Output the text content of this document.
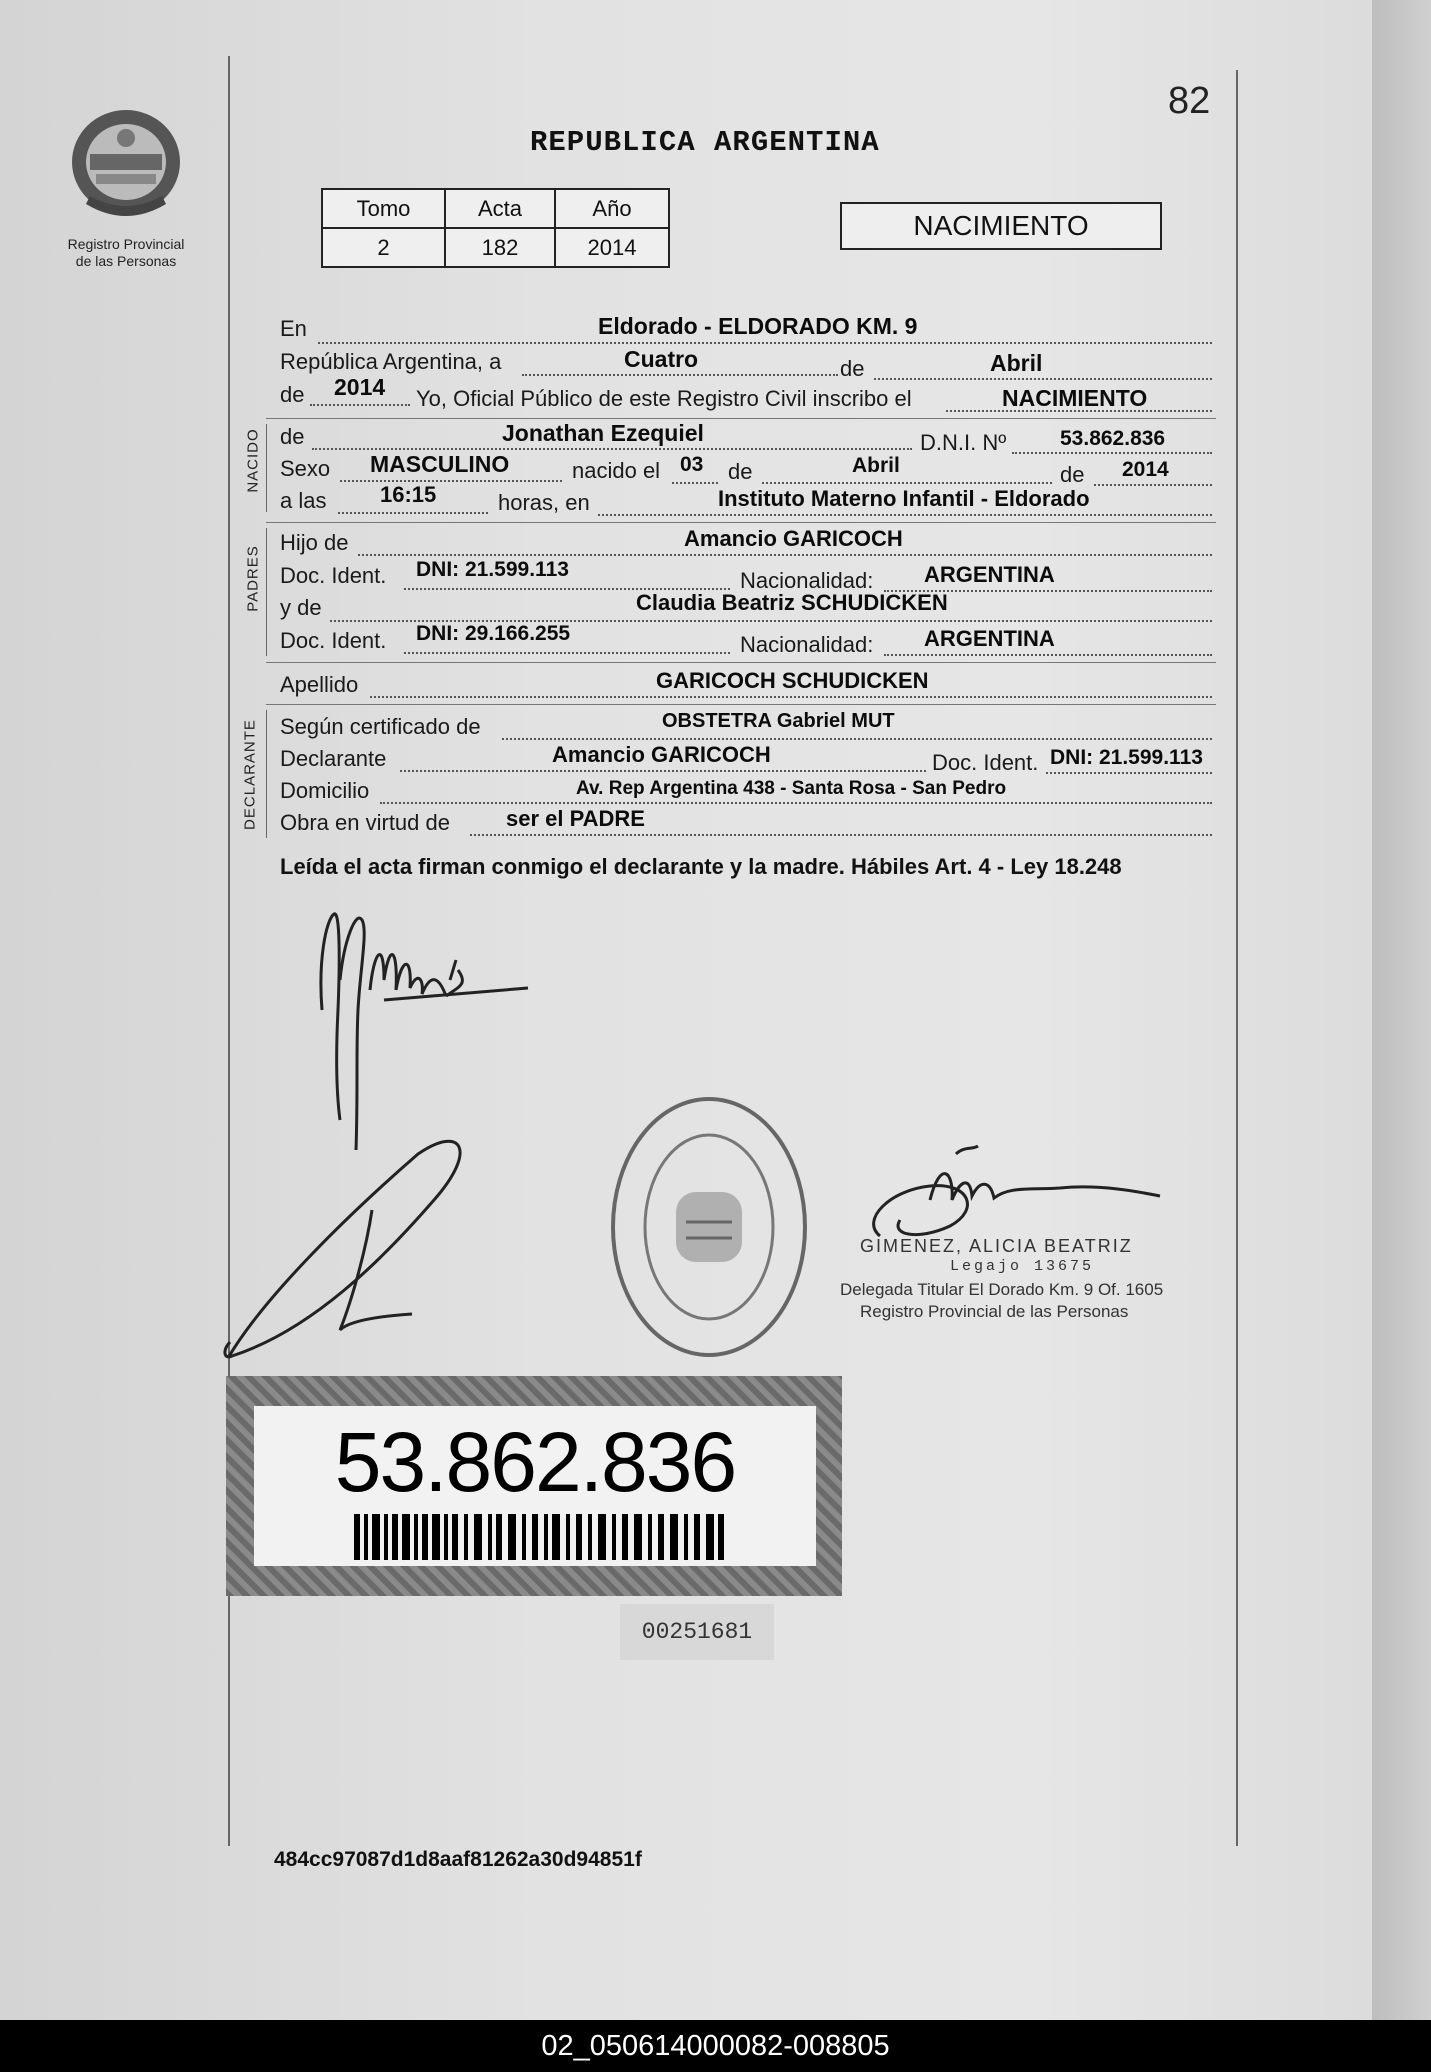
Registro Provincial
de las Personas
82
REPUBLICA ARGENTINA
Tomo	Acta	Año
2	182	2014
NACIMIENTO
En	Eldorado - ELDORADO KM. 9
República Argentina, a	Cuatro	de	Abril
de 2014 Yo, Oficial Público de este Registro Civil inscribo el	NACIMIENTO
NACIDO de	Jonathan Ezequiel	D.N.I. Nº	53.862.836
Sexo MASCULINO	nacido el 03 de	Abril	de 2014
a las 16:15	horas, en	Instituto Materno Infantil - Eldorado
PADRES
Hijo de	Amancio GARICOCH
Doc. Ident. DNI: 21.599.113	Nacionalidad: ARGENTINA
y de	Claudia Beatriz SCHUDICKEN
Doc. Ident. DNI: 29.166.255	Nacionalidad: ARGENTINA
Apellido	GARICOCH SCHUDICKEN
DECLARANTE Según certificado de	OBSTETRA Gabriel MUT
Declarante	Amancio GARICOCH	Doc. Ident. DNI: 21.599.113
Domicilio	Av. Rep Argentina 438 - Santa Rosa - San Pedro
Obra en virtud de	ser el PADRE
Leída el acta firman conmigo el declarante y la madre. Hábiles Art. 4 - Ley 18.248
GIMENEZ, ALICIA BEATRIZ
Legajo 13675
Delegada Titular El Dorado Km. 9 Of. 1605
Registro Provincial de las Personas
53.862.836
00251681
484cc97087d1d8aaf81262a30d94851f
02_050614000082-008805
